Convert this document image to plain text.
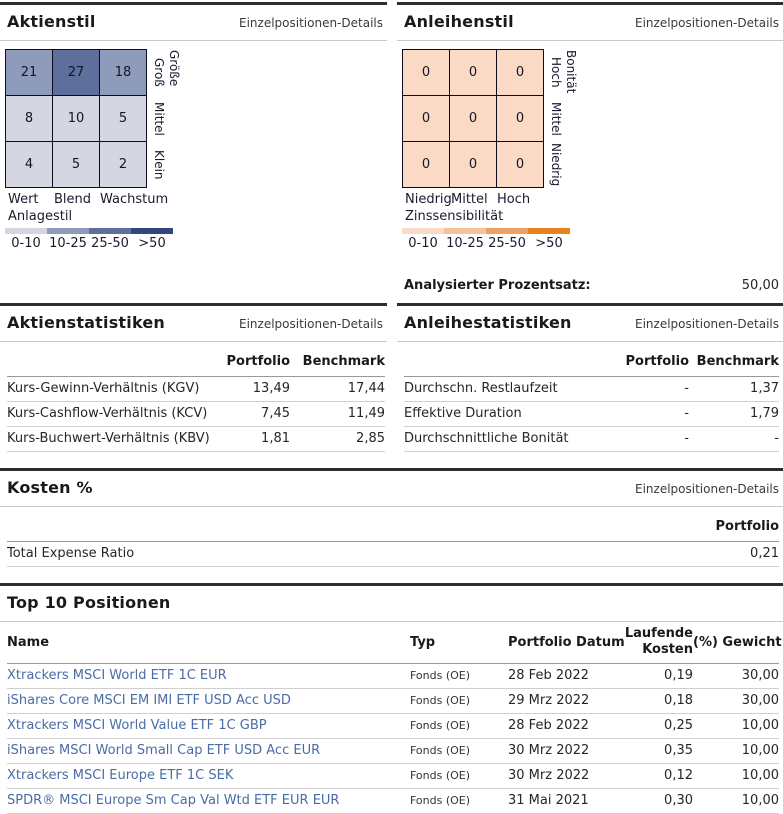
Aktienstil	Einzelpositionen-Details
21	27	18
8	10	5
4	5	2
Groß
Mittel
Klein
Größe
Wert Blend Wachstum
Anlagestil
0-10 10-25 25-50 >50
Anleihenstil	Einzelpositionen-Details
0	0	0
0	0	0
0	0	0
Hoch
Mittel
Niedrig
Bonität
Niedrig Mittel Hoch
Zinssensibilität
0-10 10-25 25-50 >50
Analysierter Prozentsatz:	50,00
Aktienstatistiken	Einzelpositionen-Details
	Portfolio	Benchmark
Kurs-Gewinn-Verhältnis (KGV)	13,49	17,44
Kurs-Cashflow-Verhältnis (KCV)	7,45	11,49
Kurs-Buchwert-Verhältnis (KBV)	1,81	2,85
Anleihestatistiken	Einzelpositionen-Details
	Portfolio	Benchmark
Durchschn. Restlaufzeit	-	1,37
Effektive Duration	-	1,79
Durchschnittliche Bonität	-	-
Kosten %	Einzelpositionen-Details
	Portfolio
Total Expense Ratio	0,21
Top 10 Positionen
Name	Typ	Portfolio Datum	Laufende Kosten	(%) Gewicht
Xtrackers MSCI World ETF 1C EUR	Fonds (OE)	28 Feb 2022	0,19	30,00
iShares Core MSCI EM IMI ETF USD Acc USD	Fonds (OE)	29 Mrz 2022	0,18	30,00
Xtrackers MSCI World Value ETF 1C GBP	Fonds (OE)	28 Feb 2022	0,25	10,00
iShares MSCI World Small Cap ETF USD Acc EUR	Fonds (OE)	30 Mrz 2022	0,35	10,00
Xtrackers MSCI Europe ETF 1C SEK	Fonds (OE)	30 Mrz 2022	0,12	10,00
SPDR® MSCI Europe Sm Cap Val Wtd ETF EUR EUR	Fonds (OE)	31 Mai 2021	0,30	10,00
